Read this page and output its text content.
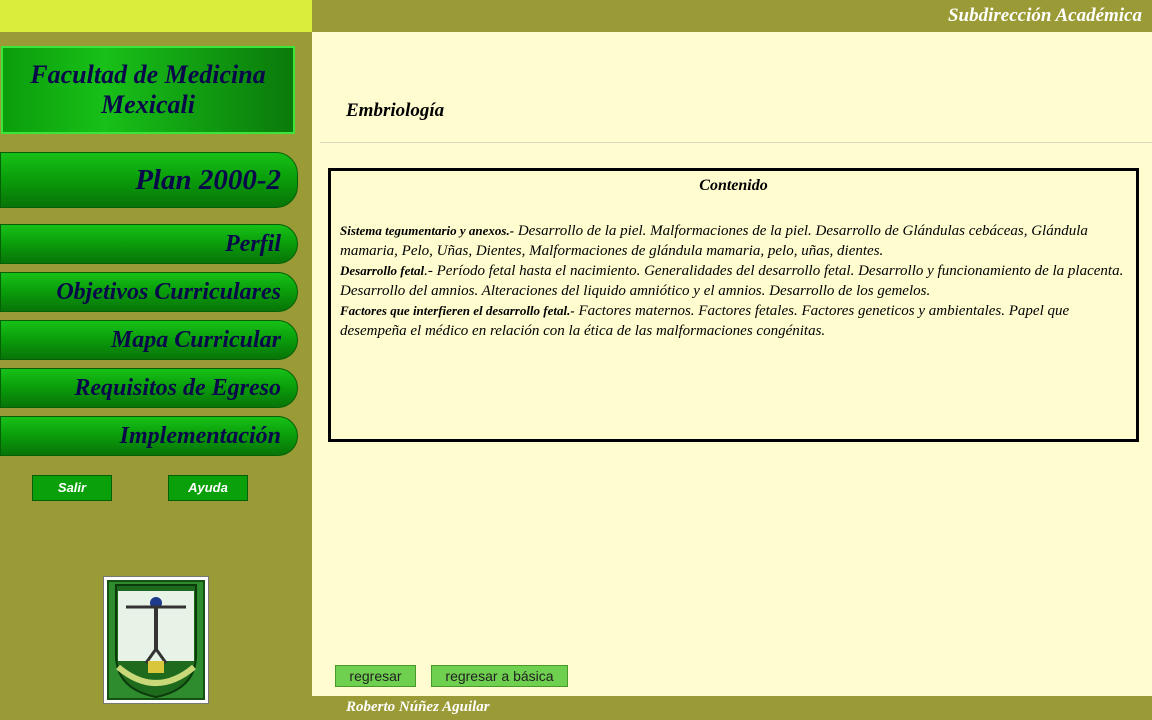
Subdirección Académica
Facultad de Medicina
Mexicali
Plan 2000-2
Perfil
Objetivos Curriculares
Mapa Curricular
Requisitos de Egreso
Implementación
Salir	Ayuda
Embriología
Contenido
Sistema tegumentario y anexos.- Desarrollo de la piel. Malformaciones de la piel. Desarrollo de Glándulas cebáceas, Glándula mamaria, Pelo, Uñas, Dientes, Malformaciones de glándula mamaria, pelo, uñas, dientes.
Desarrollo fetal.- Período fetal hasta el nacimiento. Generalidades del desarrollo fetal. Desarrollo y funcionamiento de la placenta. Desarrollo del amnios. Alteraciones del liquido amniótico y el amnios. Desarrollo de los gemelos.
Factores que interfieren el desarrollo fetal.- Factores maternos. Factores fetales. Factores geneticos y ambientales. Papel que desempeña el médico en relación con la ética de las malformaciones congénitas.
regresar	regresar a básica
Roberto Núñez Aguilar
